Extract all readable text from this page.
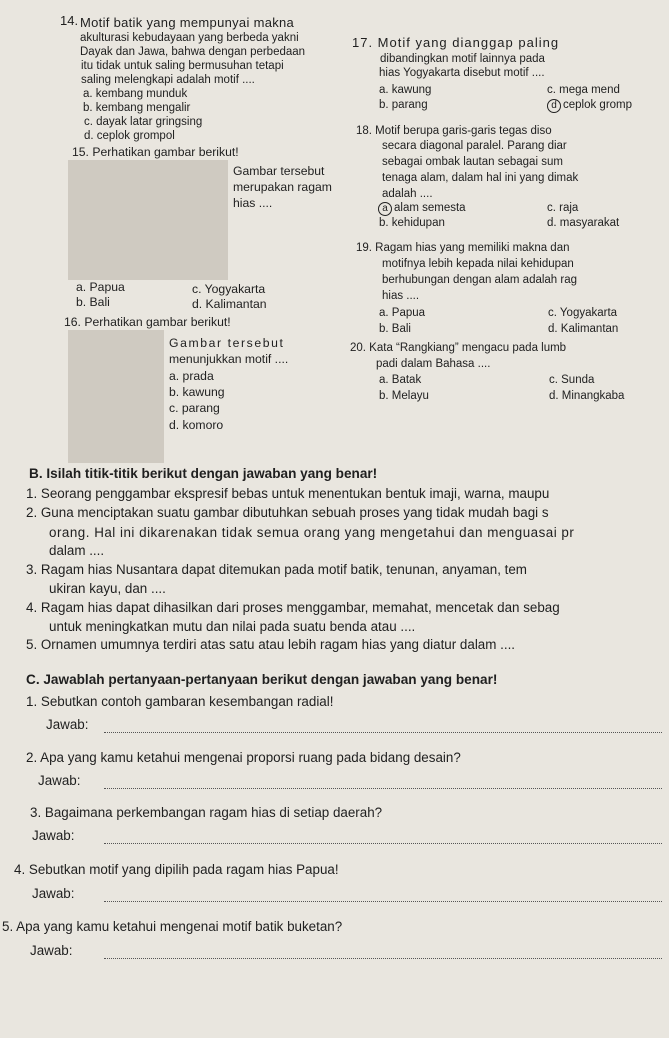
14. Motif batik yang mempunyai makna
akulturasi kebudayaan yang berbeda yakni
Dayak dan Jawa, bahwa dengan perbedaan
itu tidak untuk saling bermusuhan tetapi
saling melengkapi adalah motif ....
a. kembang munduk
b. kembang mengalir
c. dayak latar gringsing
d. ceplok grompol
15. Perhatikan gambar berikut!
Gambar tersebut
merupakan ragam
hias ....
a. Papua
b. Bali
c. Yogyakarta
d. Kalimantan
16. Perhatikan gambar berikut!
Gambar tersebut
menunjukkan motif ....
a. prada
b. kawung
c. parang
d. komoro
17. Motif yang dianggap paling
dibandingkan motif lainnya pada
hias Yogyakarta disebut motif ....
a. kawung
b. parang
c. mega mend
d ceplok gromp
18. Motif berupa garis-garis tegas diso
secara diagonal paralel. Parang diar
sebagai ombak lautan sebagai sum
tenaga alam, dalam hal ini yang dimak
adalah ....
a alam semesta
b. kehidupan
c. raja
d. masyarakat
19. Ragam hias yang memiliki makna dan
motifnya lebih kepada nilai kehidupan
berhubungan dengan alam adalah rag
hias ....
a. Papua
b. Bali
c. Yogyakarta
d. Kalimantan
20. Kata “Rangkiang” mengacu pada lumb
padi dalam Bahasa ....
a. Batak
b. Melayu
c. Sunda
d. Minangkaba
B. Isilah titik-titik berikut dengan jawaban yang benar!
1. Seorang penggambar ekspresif bebas untuk menentukan bentuk imaji, warna, maupu
2. Guna menciptakan suatu gambar dibutuhkan sebuah proses yang tidak mudah bagi s
orang. Hal ini dikarenakan tidak semua orang yang mengetahui dan menguasai pr
dalam ....
3. Ragam hias Nusantara dapat ditemukan pada motif batik, tenunan, anyaman, tem
ukiran kayu, dan ....
4. Ragam hias dapat dihasilkan dari proses menggambar, memahat, mencetak dan sebag
untuk meningkatkan mutu dan nilai pada suatu benda atau ....
5. Ornamen umumnya terdiri atas satu atau lebih ragam hias yang diatur dalam ....
C. Jawablah pertanyaan-pertanyaan berikut dengan jawaban yang benar!
1. Sebutkan contoh gambaran kesembangan radial!
Jawab:
2. Apa yang kamu ketahui mengenai proporsi ruang pada bidang desain?
Jawab:
3. Bagaimana perkembangan ragam hias di setiap daerah?
Jawab:
4. Sebutkan motif yang dipilih pada ragam hias Papua!
Jawab:
5. Apa yang kamu ketahui mengenai motif batik buketan?
Jawab:
